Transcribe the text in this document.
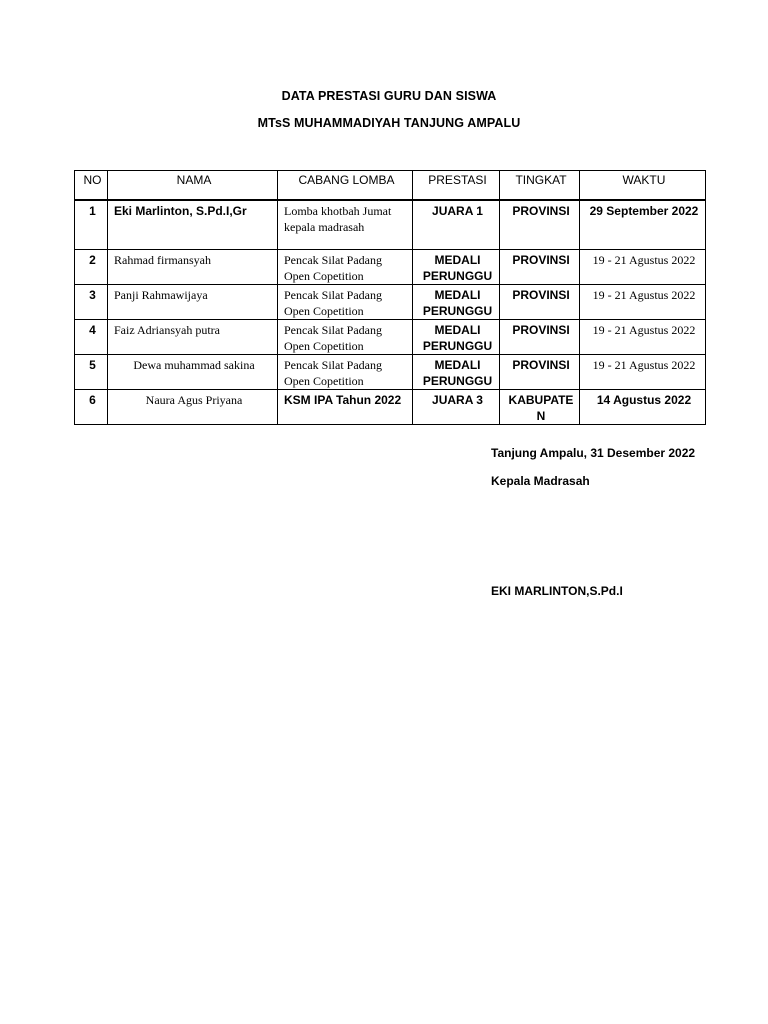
DATA PRESTASI GURU DAN SISWA
MTsS MUHAMMADIYAH TANJUNG AMPALU
NO	NAMA	CABANG LOMBA	PRESTASI	TINGKAT	WAKTU
1	Eki Marlinton, S.Pd.I,Gr	Lomba khotbah Jumat kepala madrasah	JUARA 1	PROVINSI	29 September 2022
2	Rahmad firmansyah	Pencak Silat Padang Open Copetition	MEDALI PERUNGGU	PROVINSI	19 - 21 Agustus 2022
3	Panji Rahmawijaya	Pencak Silat Padang Open Copetition	MEDALI PERUNGGU	PROVINSI	19 - 21 Agustus 2022
4	Faiz Adriansyah putra	Pencak Silat Padang Open Copetition	MEDALI PERUNGGU	PROVINSI	19 - 21 Agustus 2022
5	Dewa muhammad sakina	Pencak Silat Padang Open Copetition	MEDALI PERUNGGU	PROVINSI	19 - 21 Agustus 2022
6	Naura Agus Priyana	KSM IPA Tahun 2022	JUARA 3	KABUPATEN	14 Agustus 2022
Tanjung Ampalu, 31 Desember 2022
Kepala Madrasah
EKI MARLINTON,S.Pd.I
